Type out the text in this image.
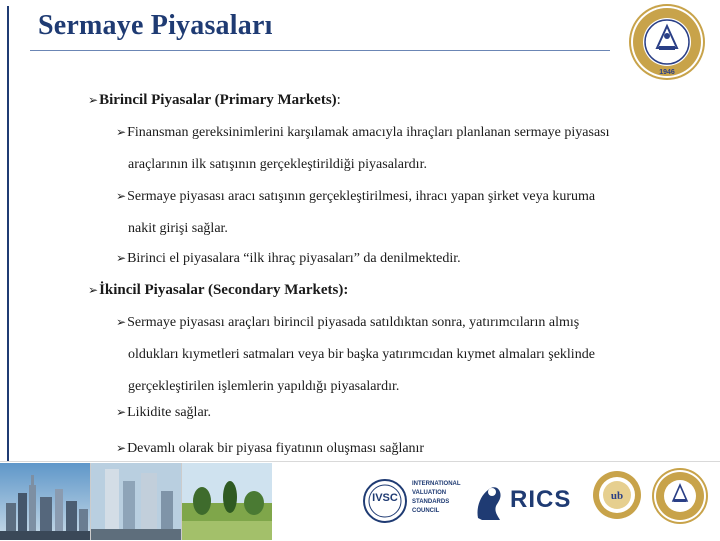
Sermaye Piyasaları
1946
➢Birincil Piyasalar (Primary Markets):
➢Finansman gereksinimlerini karşılamak amacıyla ihraçları planlanan sermaye piyasası
araçlarının ilk satışının gerçekleştirildiği piyasalardır.
➢Sermaye piyasası aracı satışının gerçekleştirilmesi, ihracı yapan şirket veya kuruma
nakit girişi sağlar.
➢Birinci el piyasalara “ilk ihraç piyasaları” da denilmektedir.
➢İkincil Piyasalar (Secondary Markets):
➢Sermaye piyasası araçları birincil piyasada satıldıktan sonra, yatırımcıların almış
oldukları kıymetleri satmaları veya bir başka yatırımcıdan kıymet almaları şeklinde
gerçekleştirilen işlemlerin yapıldığı piyasalardır.
➢Likidite sağlar.
➢Devamlı olarak bir piyasa fiyatının oluşması sağlanır
IVSC
INTERNATIONAL
VALUATION
STANDARDS
COUNCIL	RICS	ub
